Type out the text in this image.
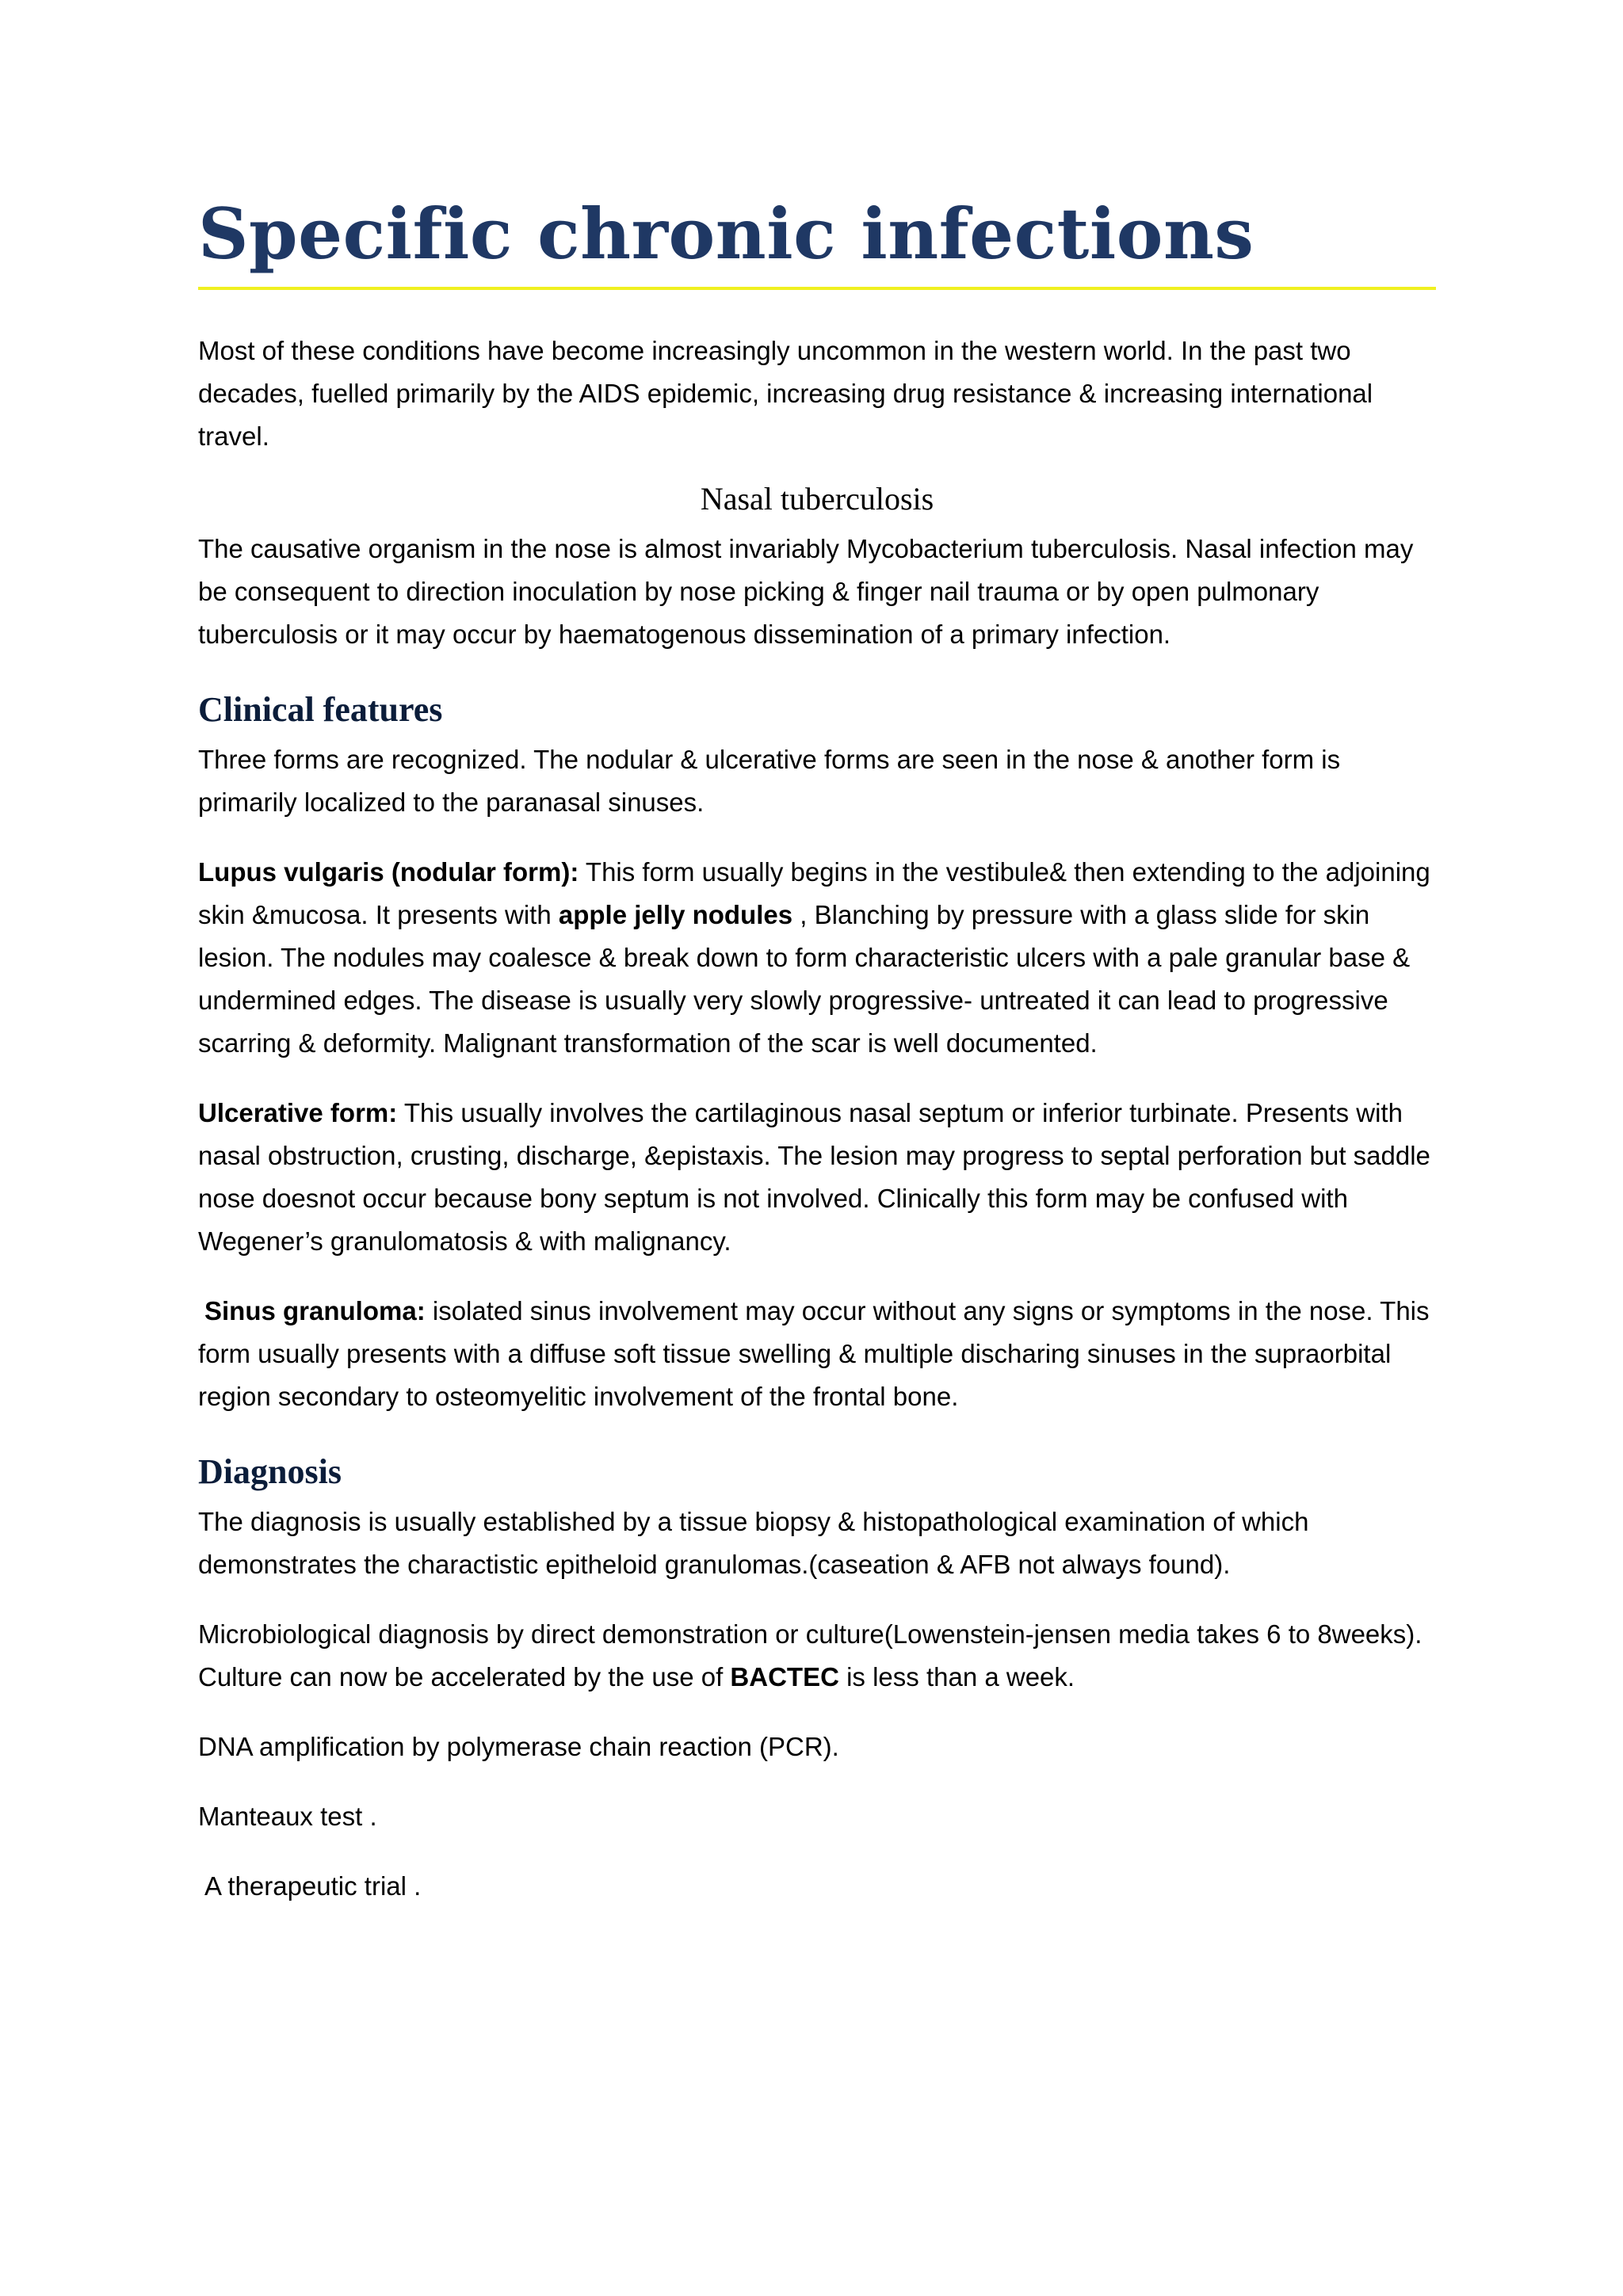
Specific chronic infections

Most of these conditions have become increasingly uncommon in the western world. In the past two decades, fuelled primarily by the AIDS epidemic, increasing drug resistance & increasing international travel.

Nasal tuberculosis

The causative organism in the nose is almost invariably Mycobacterium tuberculosis. Nasal infection may be consequent to direction inoculation by nose picking & finger nail trauma or by open pulmonary tuberculosis or it may occur by haematogenous dissemination of a primary infection.

Clinical features

Three forms are recognized. The nodular & ulcerative forms are seen in the nose & another form is primarily localized to the paranasal sinuses.

Lupus vulgaris (nodular form): This form usually begins in the vestibule& then extending to the adjoining skin &mucosa. It presents with apple jelly nodules , Blanching by pressure with a glass slide for skin lesion. The nodules may coalesce & break down to form characteristic ulcers with a pale granular base & undermined edges. The disease is usually very slowly progressive- untreated it can lead to progressive scarring & deformity. Malignant transformation of the scar is well documented.

Ulcerative form: This usually involves the cartilaginous nasal septum or inferior turbinate. Presents with nasal obstruction, crusting, discharge, &epistaxis. The lesion may progress to septal perforation but saddle nose doesnot occur because bony septum is not involved. Clinically this form may be confused with Wegener’s granulomatosis & with malignancy.

Sinus granuloma: isolated sinus involvement may occur without any signs or symptoms in the nose. This form usually presents with a diffuse soft tissue swelling & multiple discharing sinuses in the supraorbital region secondary to osteomyelitic involvement of the frontal bone.

Diagnosis

The diagnosis is usually established by a tissue biopsy & histopathological examination of which demonstrates the charactistic epitheloid granulomas.(caseation & AFB not always found).

Microbiological diagnosis by direct demonstration or culture(Lowenstein-jensen media takes 6 to 8weeks). Culture can now be accelerated by the use of BACTEC is less than a week.

DNA amplification by polymerase chain reaction (PCR).

Manteaux test .

A therapeutic trial .
